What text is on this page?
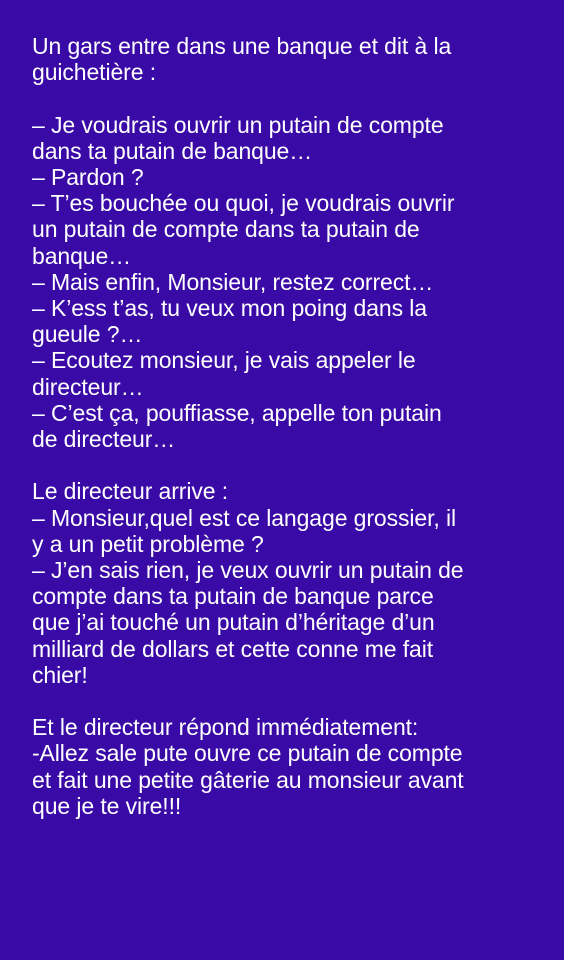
Un gars entre dans une banque et dit à la
guichetière :
– Je voudrais ouvrir un putain de compte
dans ta putain de banque…
– Pardon ?
– T’es bouchée ou quoi, je voudrais ouvrir
un putain de compte dans ta putain de
banque…
– Mais enfin, Monsieur, restez correct…
– K’ess t’as, tu veux mon poing dans la
gueule ?…
– Ecoutez monsieur, je vais appeler le
directeur…
– C’est ça, pouffiasse, appelle ton putain
de directeur…
Le directeur arrive :
– Monsieur,quel est ce langage grossier, il
y a un petit problème ?
– J’en sais rien, je veux ouvrir un putain de
compte dans ta putain de banque parce
que j’ai touché un putain d’héritage d’un
milliard de dollars et cette conne me fait
chier!
Et le directeur répond immédiatement:
-Allez sale pute ouvre ce putain de compte
et fait une petite gâterie au monsieur avant
que je te vire!!!
